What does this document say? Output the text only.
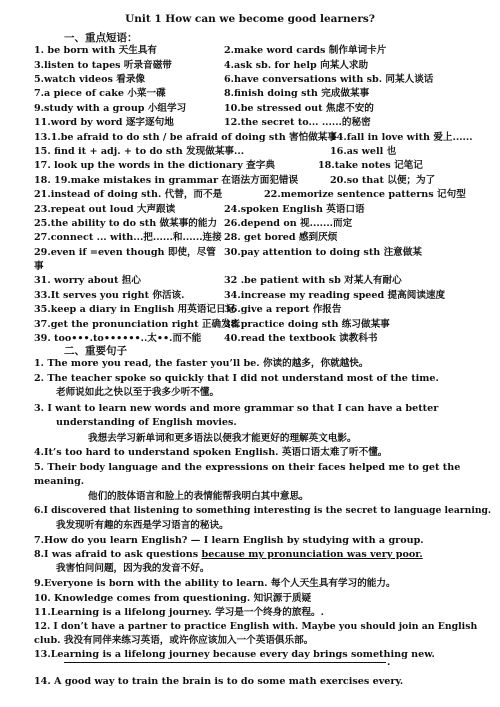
Unit 1 How can we become good learners?
一、重点短语：
1. be born with 天生具有	2.make word cards 制作单词卡片
3.listen to tapes 听录音磁带	4.ask sb. for help 向某人求助
5.watch videos 看录像	6.have conversations with sb. 同某人谈话
7.a piece of cake 小菜一碟	8.finish doing sth 完成做某事
9.study with a group 小组学习	10.be stressed out 焦虑不安的
11.word by word 逐字逐句地	12.the secret to... ......的秘密
13.1.be afraid to do sth / be afraid of doing sth 害怕做某事
14.fall in love with 爱上......
15. find it + adj. + to do sth 发现做某事...	16.as well 也
17. look up the words in the dictionary 查字典	18.take notes 记笔记
18. 19.make mistakes in grammar 在语法方面犯错误	20.so that 以便；为了
21.instead of doing sth. 代替，而不是	22.memorize sentence patterns 记句型
23.repeat out loud 大声跟读	24.spoken English 英语口语
25.the ability to do sth 做某事的能力 26.depend on 视.......而定
27.connect ... with...把......和......连接 28. get bored 感到厌烦
29.even if =even though 即使，尽管 30.pay attention to doing sth 注意做某
事
31. worry about 担心	32 .be patient with sb 对某人有耐心
33.It serves you right 你活该.	34.increase my reading speed 提高阅读速度
35.keep a diary in English 用英语记日记
36.give a report 作报告
37.get the pronunciation right 正确发音
38.practice doing sth 练习做某事
39. too•••.to••••••..太••.而不能 40.read the textbook 读教科书
二、重要句子
1. The more you read, the faster you’ll be. 你读的越多，你就越快。
2. The teacher spoke so quickly that I did not understand most of the time.
老师说如此之快以至于我多少听不懂。
3. I want to learn new words and more grammar so that I can have a better
understanding of English movies.
我想去学习新单词和更多语法以便我才能更好的理解英文电影。
4.It’s too hard to understand spoken English. 英语口语太难了听不懂。
5. Their body language and the expressions on their faces helped me to get the
meaning.
他们的肢体语言和脸上的表情能帮我明白其中意思。
6.I discovered that listening to something interesting is the secret to language learning.
我发现听有趣的东西是学习语言的秘诀。
7.How do you learn English? — I learn English by studying with a group.
8.I was afraid to ask questions because my pronunciation was very poor.
我害怕问问题，因为我的发音不好。
9.Everyone is born with the ability to learn. 每个人天生具有学习的能力。
10. Knowledge comes from questioning. 知识源于质疑
11.Learning is a lifelong journey. 学习是一个终身的旅程。.
12. I don’t have a partner to practice English with. Maybe you should join an English
club. 我没有同伴来练习英语，或许你应该加入一个英语俱乐部。
13.Learning is a lifelong journey because every day brings something new.
.
14. A good way to train the brain is to do some math exercises every.
